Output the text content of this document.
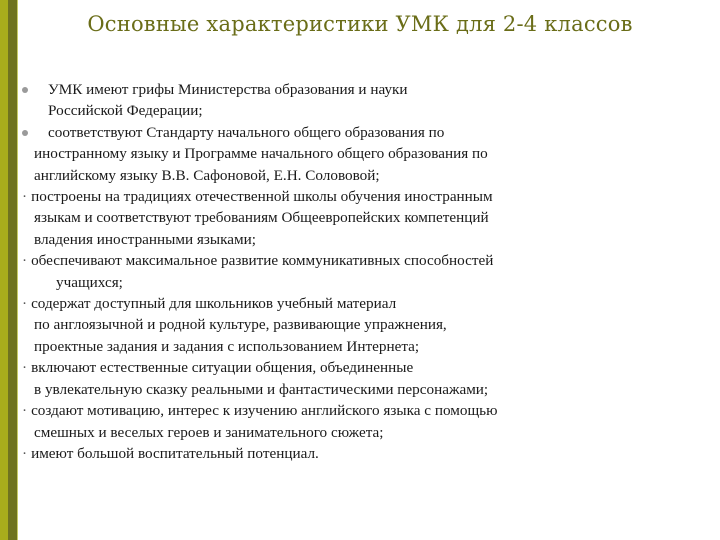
Основные характеристики УМК для 2-4 классов
УМК имеют грифы Министерства образования и науки
Российской Федерации;
соответствуют Стандарту начального общего образования по
иностранному языку и Программе начального общего образования по
английскому языку В.В. Сафоновой, Е.Н. Солововой;
· построены на традициях отечественной школы обучения иностранным
языкам и соответствуют требованиям Общеевропейских компетенций
владения иностранными языками;
· обеспечивают максимальное развитие коммуникативных способностей
учащихся;
· содержат доступный для школьников учебный материал
по англоязычной и родной культуре, развивающие упражнения,
проектные задания и задания с использованием Интернета;
· включают естественные ситуации общения, объединенные
в увлекательную сказку реальными и фантастическими персонажами;
· создают мотивацию, интерес к изучению английского языка с помощью
смешных и веселых героев и занимательного сюжета;
· имеют большой воспитательный потенциал.
